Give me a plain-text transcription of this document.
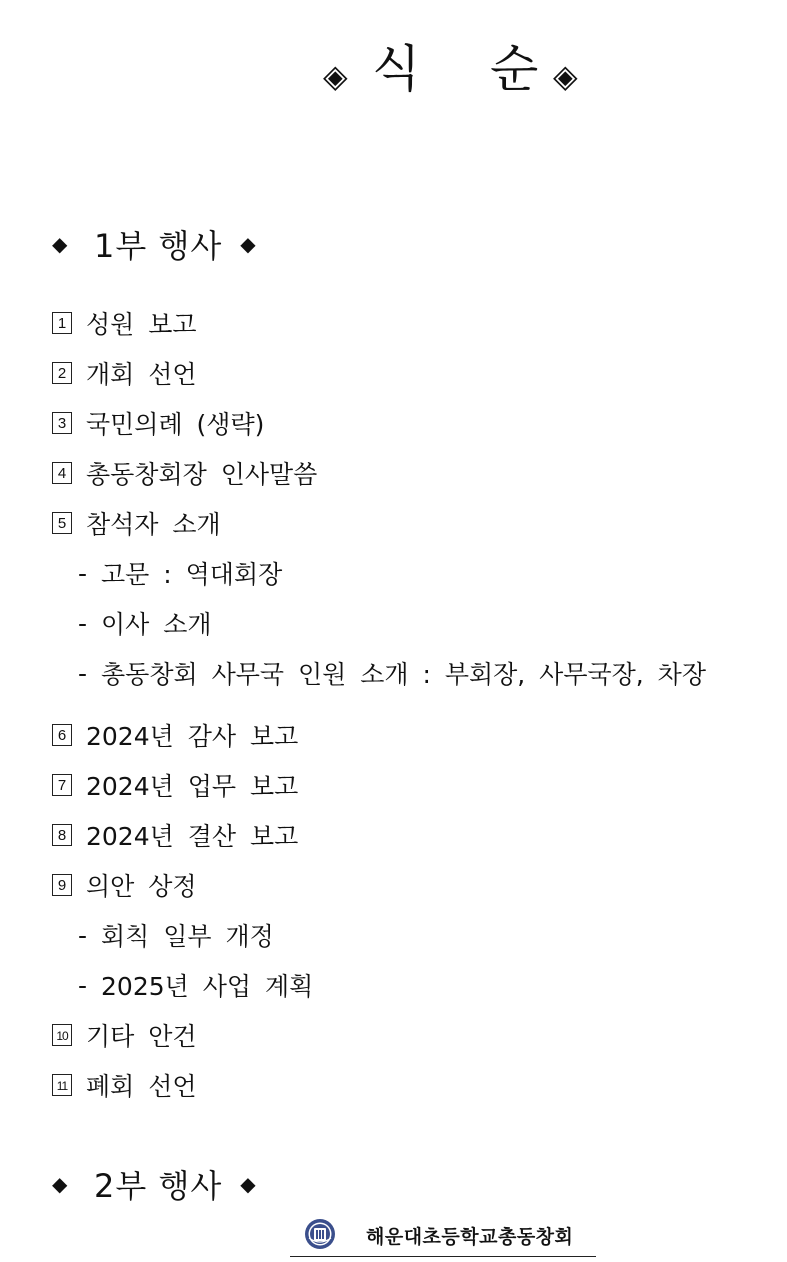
◈ 식 순 ◈
◆ 1부 행사 ◆
1 성원 보고
2 개회 선언
3 국민의례 (생략)
4 총동창회장 인사말씀
5 참석자 소개
- 고문 : 역대회장
- 이사 소개
- 총동창회 사무국 인원 소개 : 부회장, 사무국장, 차장
6 2024년 감사 보고
7 2024년 업무 보고
8 2024년 결산 보고
9 의안 상정
- 회칙 일부 개정
- 2025년 사업 계획
10 기타 안건
11 폐회 선언
◆ 2부 행사 ◆
해운대초등학교총동창회
